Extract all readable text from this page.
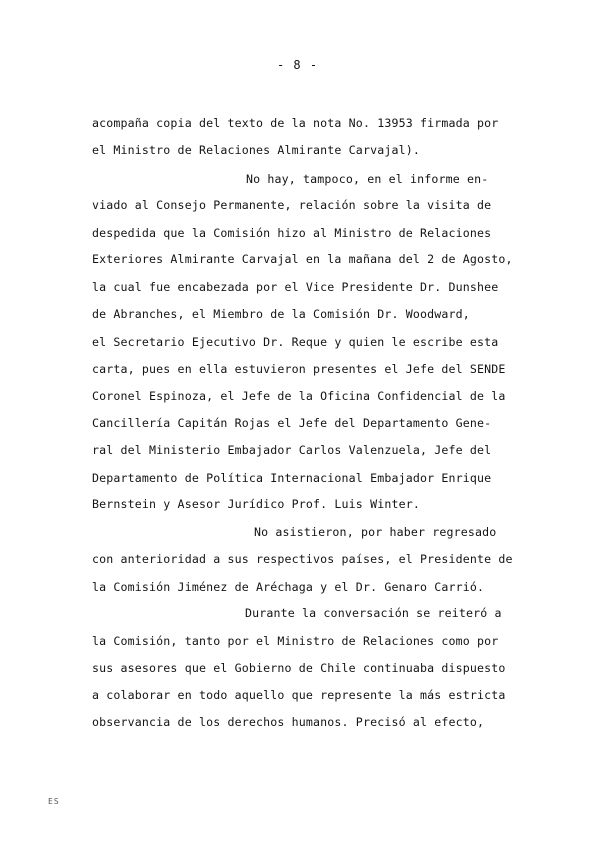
- 8 -
acompaña copia del texto de la nota No. 13953 firmada por
el Ministro de Relaciones Almirante Carvajal).
No hay, tampoco, en el informe en-
viado al Consejo Permanente, relación sobre la visita de
despedida que la Comisión hizo al Ministro de Relaciones
Exteriores Almirante Carvajal en la mañana del 2 de Agosto,
la cual fue encabezada por el Vice Presidente Dr. Dunshee
de Abranches, el Miembro de la Comisión Dr. Woodward,
el Secretario Ejecutivo Dr. Reque y quien le escribe esta
carta, pues en ella estuvieron presentes el Jefe del SENDE
Coronel Espinoza, el Jefe de la Oficina Confidencial de la
Cancillería Capitán Rojas el Jefe del Departamento Gene-
ral del Ministerio Embajador Carlos Valenzuela, Jefe del
Departamento de Política Internacional Embajador Enrique
Bernstein y Asesor Jurídico Prof. Luis Winter.
No asistieron, por haber regresado
con anterioridad a sus respectivos países, el Presidente de
la Comisión Jiménez de Aréchaga y el Dr. Genaro Carrió.
Durante la conversación se reiteró a
la Comisión, tanto por el Ministro de Relaciones como por
sus asesores que el Gobierno de Chile continuaba dispuesto
a colaborar en todo aquello que represente la más estricta
observancia de los derechos humanos. Precisó al efecto,
ES
